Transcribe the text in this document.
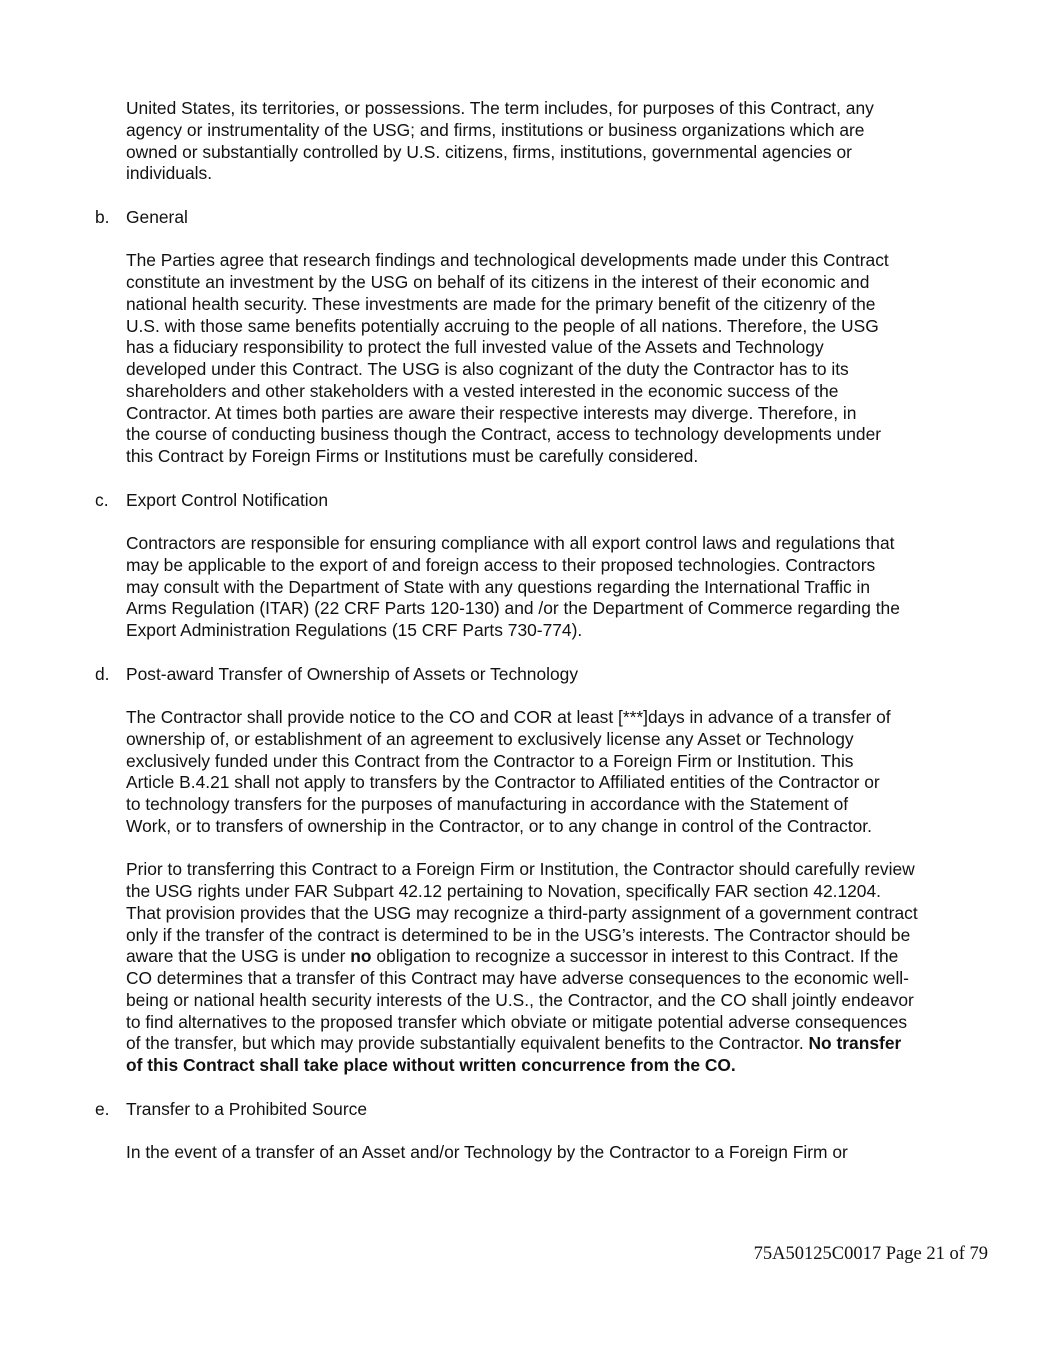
United States, its territories, or possessions. The term includes, for purposes of this Contract, any
agency or instrumentality of the USG; and firms, institutions or business organizations which are
owned or substantially controlled by U.S. citizens, firms, institutions, governmental agencies or
individuals.
b. General
The Parties agree that research findings and technological developments made under this Contract
constitute an investment by the USG on behalf of its citizens in the interest of their economic and
national health security. These investments are made for the primary benefit of the citizenry of the
U.S. with those same benefits potentially accruing to the people of all nations. Therefore, the USG
has a fiduciary responsibility to protect the full invested value of the Assets and Technology
developed under this Contract. The USG is also cognizant of the duty the Contractor has to its
shareholders and other stakeholders with a vested interested in the economic success of the
Contractor. At times both parties are aware their respective interests may diverge. Therefore, in
the course of conducting business though the Contract, access to technology developments under
this Contract by Foreign Firms or Institutions must be carefully considered.
c. Export Control Notification
Contractors are responsible for ensuring compliance with all export control laws and regulations that
may be applicable to the export of and foreign access to their proposed technologies. Contractors
may consult with the Department of State with any questions regarding the International Traffic in
Arms Regulation (ITAR) (22 CRF Parts 120-130) and /or the Department of Commerce regarding the
Export Administration Regulations (15 CRF Parts 730-774).
d. Post-award Transfer of Ownership of Assets or Technology
The Contractor shall provide notice to the CO and COR at least [***]days in advance of a transfer of
ownership of, or establishment of an agreement to exclusively license any Asset or Technology
exclusively funded under this Contract from the Contractor to a Foreign Firm or Institution. This
Article B.4.21 shall not apply to transfers by the Contractor to Affiliated entities of the Contractor or
to technology transfers for the purposes of manufacturing in accordance with the Statement of
Work, or to transfers of ownership in the Contractor, or to any change in control of the Contractor.
Prior to transferring this Contract to a Foreign Firm or Institution, the Contractor should carefully review
the USG rights under FAR Subpart 42.12 pertaining to Novation, specifically FAR section 42.1204.
That provision provides that the USG may recognize a third-party assignment of a government contract
only if the transfer of the contract is determined to be in the USG’s interests. The Contractor should be
aware that the USG is under no obligation to recognize a successor in interest to this Contract. If the
CO determines that a transfer of this Contract may have adverse consequences to the economic well-
being or national health security interests of the U.S., the Contractor, and the CO shall jointly endeavor
to find alternatives to the proposed transfer which obviate or mitigate potential adverse consequences
of the transfer, but which may provide substantially equivalent benefits to the Contractor. No transfer
of this Contract shall take place without written concurrence from the CO.
e. Transfer to a Prohibited Source
In the event of a transfer of an Asset and/or Technology by the Contractor to a Foreign Firm or
75A50125C0017 Page 21 of 79
